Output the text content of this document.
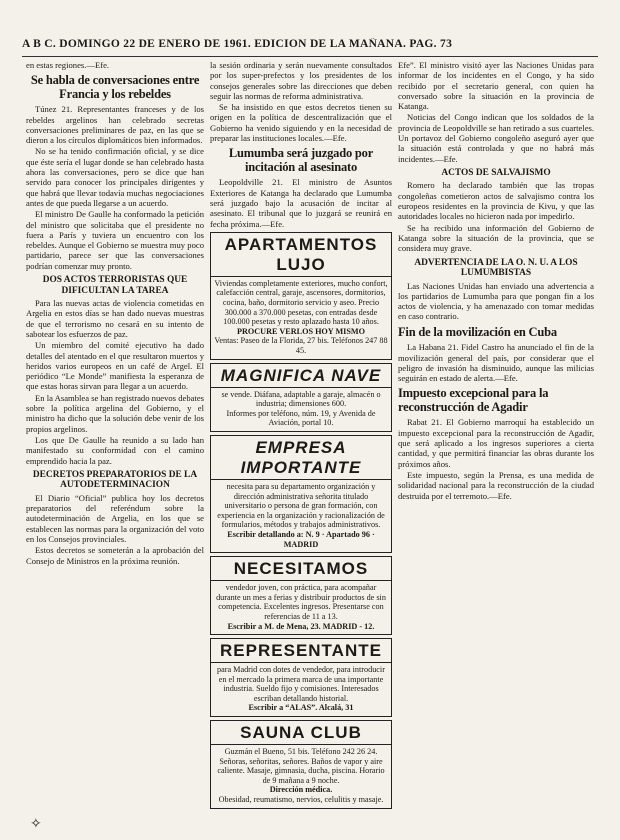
A B C. DOMINGO 22 DE ENERO DE 1961. EDICION DE LA MAÑANA. PAG. 73

en estas regiones.—Efe.

Se habla de conversaciones entre Francia y los rebeldes

Túnez 21. Representantes franceses y de los rebeldes argelinos han celebrado secretas conversaciones preliminares de paz, en las que se dieron a los círculos diplomáticos bien informados.

No se ha tenido confirmación oficial, y se dice que éste sería el lugar donde se han celebrado hasta ahora las conversaciones, pero se dice que han servido para conocer los principales dirigentes y que habrá que llevar todavía muchas negociaciones antes de que pueda llegarse a un acuerdo.

El ministro De Gaulle ha conformado la petición del ministro que solicitaba que el presidente no fuera a París y tuviera un encuentro con los rebeldes. Aunque el Gobierno se muestra muy poco partidario, parece ser que las conversaciones podrían comenzar muy pronto.

DOS ACTOS TERRORISTAS QUE DIFICULTAN LA TAREA

Para las nuevas actas de violencia cometidas en Argelia en estos días se han dado nuevas muestras de que el terrorismo no cesará en su intento de sabotear los esfuerzos de paz.

Un miembro del comité ejecutivo ha dado detalles del atentado en el que resultaron muertos y heridos varios europeos en un café de Argel. El periódico “Le Monde” manifiesta la esperanza de que estas horas sirvan para llegar a un acuerdo.

En la Asamblea se han registrado nuevos debates sobre la política argelina del Gobierno, y el ministro ha dicho que la solución debe venir de los propios argelinos.

Los que De Gaulle ha reunido a su lado han manifestado su conformidad con el camino emprendido hacia la paz.

DECRETOS PREPARATORIOS DE LA AUTODETERMINACION

El Diario “Oficial” publica hoy los decretos preparatorios del referéndum sobre la autodeterminación de Argelia, en los que se establecen las normas para la organización del voto en los Consejos provinciales.

Estos decretos se someterán a la aprobación del Consejo de Ministros en la próxima reunión.

la sesión ordinaria y serán nuevamente consultados por los super-prefectos y los presidentes de los consejos generales sobre las direcciones que deben seguir las normas de reforma administrativa.

Se ha insistido en que estos decretos tienen su origen en la política de descentralización que el Gobierno ha venido siguiendo y en la necesidad de preparar las instituciones locales.—Efe.

Lumumba será juzgado por incitación al asesinato

Leopoldville 21. El ministro de Asuntos Exteriores de Katanga ha declarado que Lumumba será juzgado bajo la acusación de incitar al asesinato. El tribunal que lo juzgará se reunirá en fecha próxima.—Efe.

APARTAMENTOS LUJO

Viviendas completamente exteriores, mucho confort, calefacción central, garaje, ascensores, dormitorios, cocina, baño, dormitorio servicio y aseo. Precio 300.000 a 370.000 pesetas, con entradas desde 100.000 pesetas y resto aplazado hasta 10 años.

PROCURE VERLOS HOY MISMO

Ventas: Paseo de la Florida, 27 bis. Teléfonos 247 88 45.

MAGNIFICA NAVE

se vende. Diáfana, adaptable a garaje, almacén o industria; dimensiones 600.

Informes por teléfono, núm. 19, y Avenida de Aviación, portal 10.

EMPRESA IMPORTANTE

necesita para su departamento organización y dirección administrativa señorita titulado universitario o persona de gran formación, con experiencia en la organización y racionalización de formularios, métodos y trabajos administrativos.

Escribir detallando a: N. 9 · Apartado 96 · MADRID

NECESITAMOS

vendedor joven, con práctica, para acompañar durante un mes a ferias y distribuir productos de sin competencia. Excelentes ingresos. Presentarse con referencias de 11 a 13.

Escribir a M. de Mena, 23. MADRID - 12.

REPRESENTANTE

para Madrid con dotes de vendedor, para introducir en el mercado la primera marca de una importante industria. Sueldo fijo y comisiones. Interesados escriban detallando historial.

Escribir a “ALAS”. Alcalá, 31

SAUNA CLUB

Guzmán el Bueno, 51 bis. Teléfono 242 26 24. Señoras, señoritas, señores. Baños de vapor y aire caliente. Masaje, gimnasia, ducha, piscina. Horario de 9 mañana a 9 noche.

Dirección médica.

Obesidad, reumatismo, nervios, celulitis y masaje.

Efe”. El ministro visitó ayer las Naciones Unidas para informar de los incidentes en el Congo, y ha sido recibido por el secretario general, con quien ha conversado sobre la situación en la provincia de Katanga.

Noticias del Congo indican que los soldados de la provincia de Leopoldville se han retirado a sus cuarteles. Un portavoz del Gobierno congoleño aseguró ayer que la situación está controlada y que no habrá más incidentes.—Efe.

ACTOS DE SALVAJISMO

Romero ha declarado también que las tropas congoleñas cometieron actos de salvajismo contra los europeos residentes en la provincia de Kivu, y que las autoridades locales no hicieron nada por impedirlo.

Se ha recibido una información del Gobierno de Katanga sobre la situación de la provincia, que se considera muy grave.

ADVERTENCIA DE LA O. N. U. A LOS LUMUMBISTAS

Las Naciones Unidas han enviado una advertencia a los partidarios de Lumumba para que pongan fin a los actos de violencia, y ha amenazado con tomar medidas en caso contrario.

Fin de la movilización en Cuba

La Habana 21. Fidel Castro ha anunciado el fin de la movilización general del país, por considerar que el peligro de invasión ha disminuido, aunque las milicias seguirán en estado de alerta.—Efe.

Impuesto excepcional para la reconstrucción de Agadir

Rabat 21. El Gobierno marroquí ha establecido un impuesto excepcional para la reconstrucción de Agadir, que será aplicado a los ingresos superiores a cierta cantidad, y que permitirá financiar las obras durante los próximos años.

Este impuesto, según la Prensa, es una medida de solidaridad nacional para la reconstrucción de la ciudad destruida por el terremoto.—Efe.

✧
